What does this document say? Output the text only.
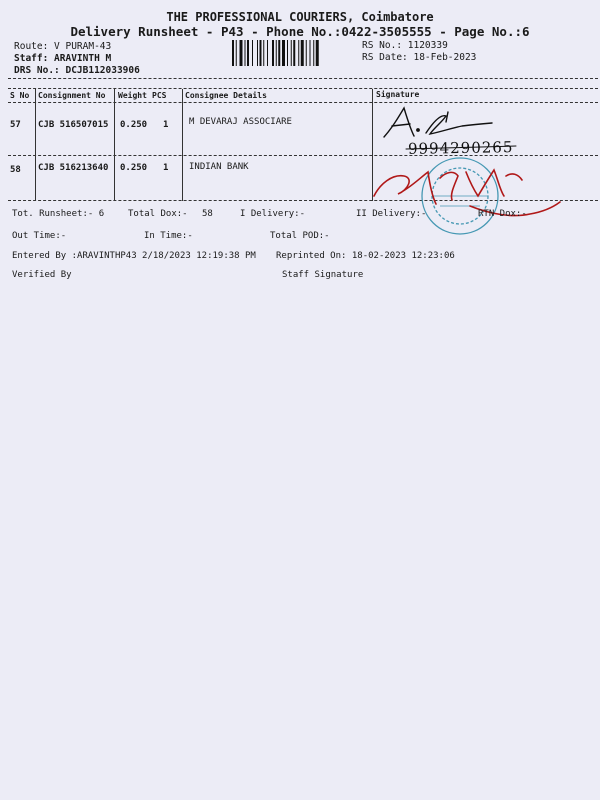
THE PROFESSIONAL COURIERS, Coimbatore
Delivery Runsheet - P43 - Phone No.:0422-3505555 - Page No.:6
Route: V PURAM-43
Staff: ARAVINTH M
DRS No.: DCJB112033906
RS No.: 1120339
RS Date: 18-Feb-2023
S No Consignment No Weight PCS Consignee Details	Signature
57 CJB 516507015 0.250 1 M DEVARAJ ASSOCIARE
58 CJB 516213640 0.250 1 INDIAN BANK
9994290265
Tot. Runsheet:- 6	Total Dox:- 58	I Delivery:-	II Delivery:-	RTN Dox:-
Out Time:-	In Time:-	Total POD:-
Entered By :ARAVINTHP43 2/18/2023 12:19:38 PM Reprinted On: 18-02-2023 12:23:06
Verified By	Staff Signature
